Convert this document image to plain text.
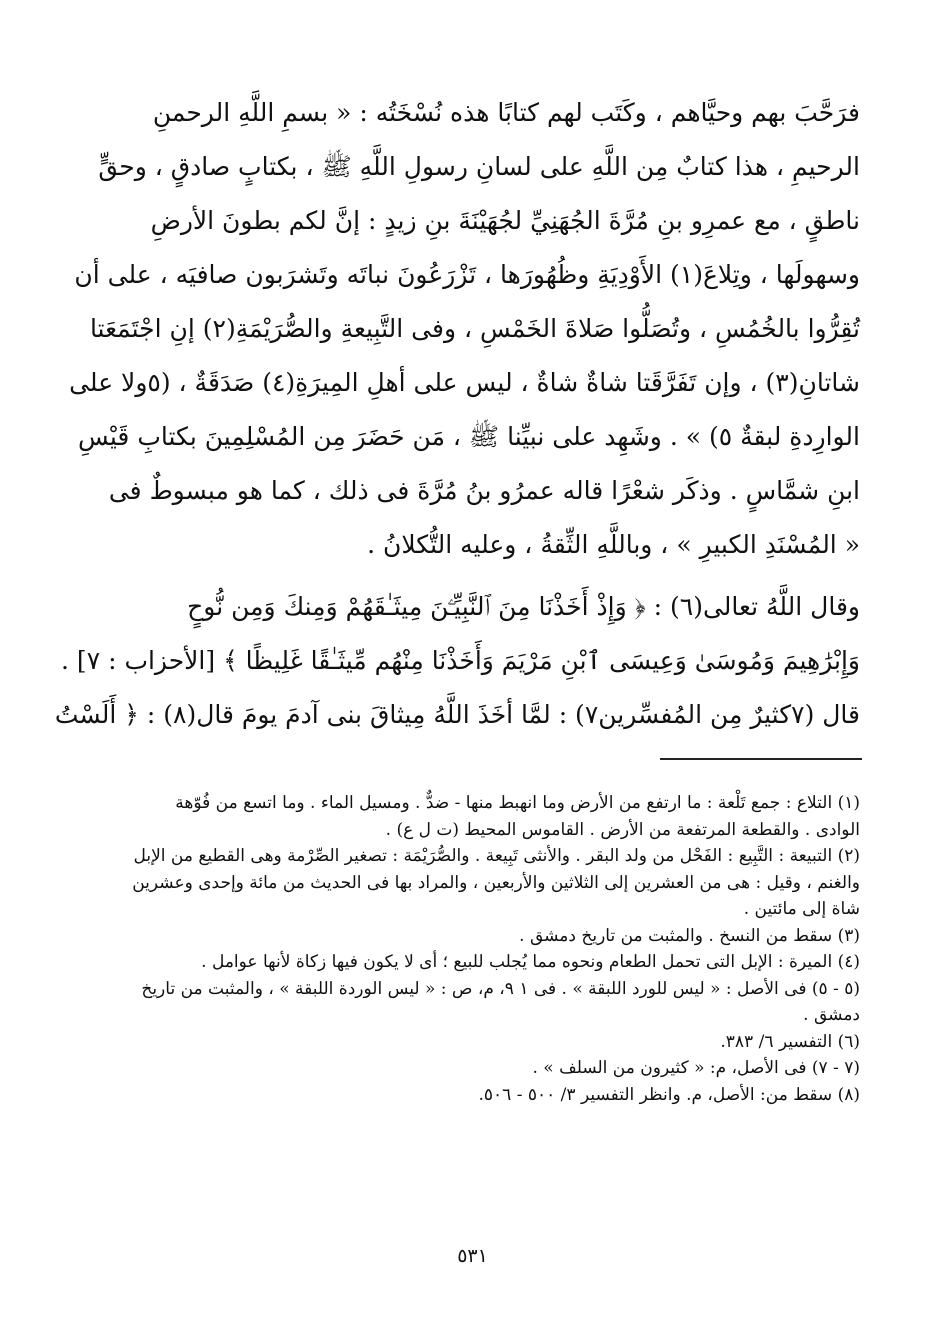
فرَحَّبَ بهم وحيَّاهم ، وكَتَب لهم كتابًا هذه نُسْخَتُه : « بسمِ اللَّهِ الرحمنِ
الرحيمِ ، هذا كتابٌ مِن اللَّهِ على لسانِ رسولِ اللَّهِ ﷺ ، بكتابٍ صادقٍ ، وحقٍّ
ناطقٍ ، مع عمرِو بنِ مُرَّةَ الجُهَنِيِّ لجُهَيْنَةَ بنِ زيدٍ : إنَّ لكم بطونَ الأرضِ
وسهولَها ، وتِلاعَ(١) الأَوْدِيَةِ وظُهُورَها ، تَزْرَعُونَ نباتَه وتَشرَبون صافيَه ، على أن
تُقِرُّوا بالخُمُسِ ، وتُصَلُّوا صَلاةَ الخَمْسِ ، وفى التَّبِيعةِ والصُّرَيْمَةِ(٢) إنِ اجْتَمَعَتا
شاتانِ(٣) ، وإن تَفَرَّقَتا شاةٌ شاةٌ ، ليس على أهلِ المِيرَةِ(٤) صَدَقَةٌ ، (٥ولا على
الوارِدةِ لبقةٌ ٥) » . وشَهِد على نبيِّنا ﷺ ، مَن حَضَرَ مِن المُسْلِمِينَ بكتابِ قَيْسِ
ابنِ شمَّاسٍ . وذكَر شعْرًا قاله عمرُو بنُ مُرَّةَ فى ذلك ، كما هو مبسوطٌ فى
« المُسْنَدِ الكبيرِ » ، وباللَّهِ الثِّقةُ ، وعليه التُّكلانُ .
وقال اللَّهُ تعالى(٦) : ﴿ وَإِذْ أَخَذْنَا مِنَ ٱلنَّبِيِّـۧنَ مِيثَـٰقَهُمْ وَمِنكَ وَمِن نُّوحٍ
وَإِبْرَٰهِيمَ وَمُوسَىٰ وَعِيسَى ٱبْنِ مَرْيَمَ وَأَخَذْنَا مِنْهُم مِّيثَـٰقًا غَلِيظًا ﴾ [الأحزاب : ٧] .
قال (٧كثيرٌ مِن المُفسِّرين٧) : لمَّا أخَذَ اللَّهُ مِيثاقَ بنى آدمَ يومَ قال(٨) : ﴿ أَلَسْتُ
(١) التلاع : جمع تَلْعة : ما ارتفع من الأرض وما انهبط منها - ضدٌّ . ومسيل الماء . وما اتسع من فُوّهة
الوادى . والقطعة المرتفعة من الأرض . القاموس المحيط (ت ل ع) .
(٢) التبيعة : التَّبِيع : الفَحْل من ولد البقر . والأنثى تَبِيعة . والصُّرَيْمَة : تصغير الصِّرْمة وهى القطيع من الإبل
والغنم ، وقيل : هى من العشرين إلى الثلاثين والأربعين ، والمراد بها فى الحديث من مائة وإحدى وعشرين
شاة إلى مائتين .
(٣) سقط من النسخ . والمثبت من تاريخ دمشق .
(٤) الميرة : الإبل التى تحمل الطعام ونحوه مما يُجلب للبيع ؛ أى لا يكون فيها زكاة لأنها عوامل .
(٥ - ٥) فى الأصل : « ليس للورد اللبقة » . فى ١ ٩، م، ص : « ليس الوردة اللبقة » ، والمثبت من تاريخ
دمشق .
(٦) التفسير ٦/ ٣٨٣.
(٧ - ٧) فى الأصل، م: « كثيرون من السلف » .
(٨) سقط من: الأصل، م. وانظر التفسير ٣/ ٥٠٠ - ٥٠٦.
٥٣١
